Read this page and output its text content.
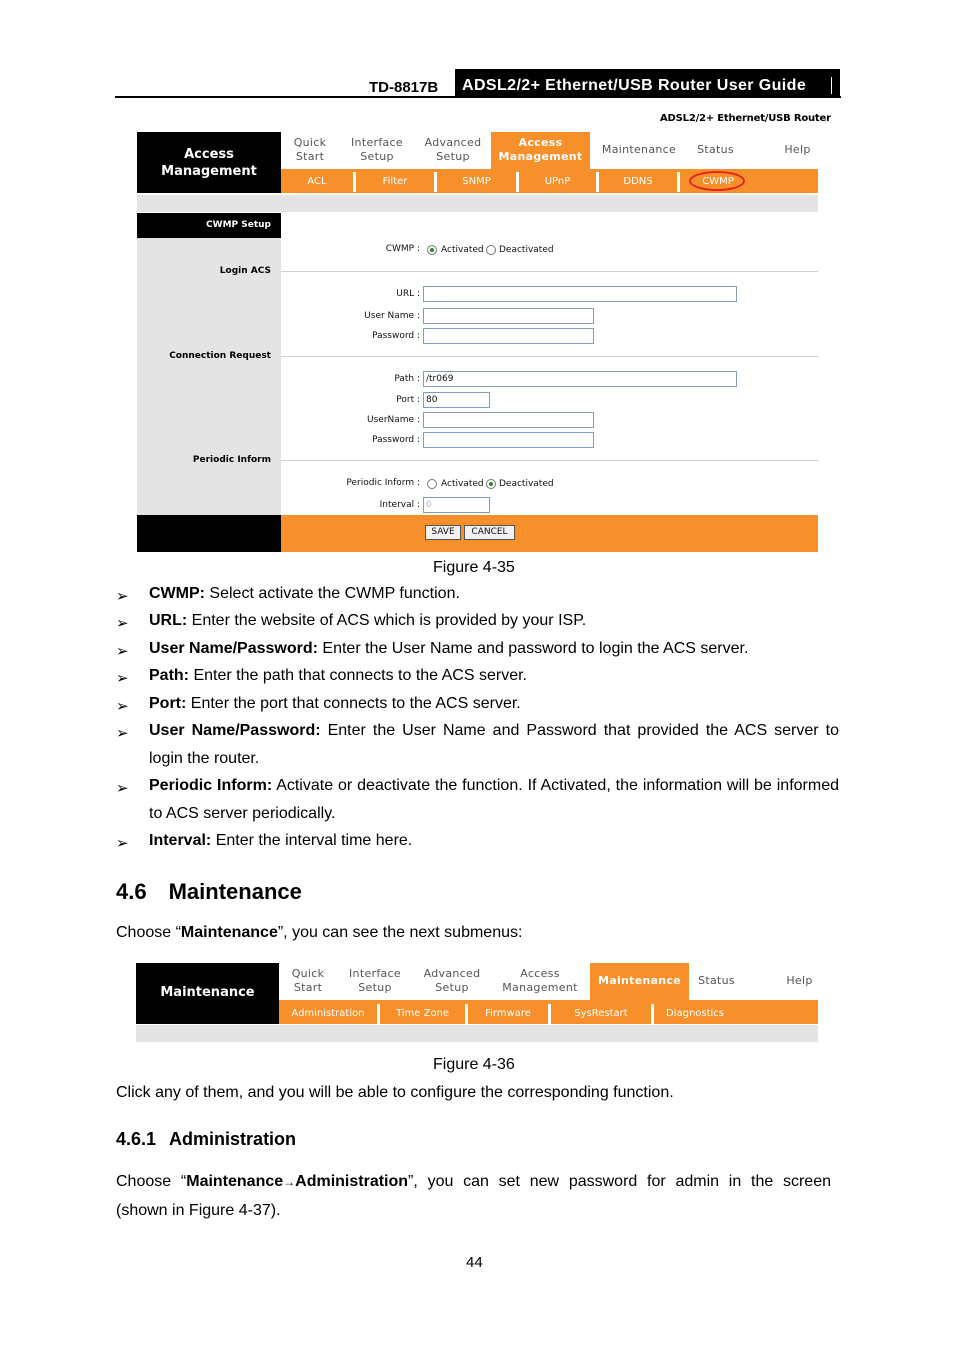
TD-8817B	ADSL2/2+ Ethernet/USB Router User Guide
ADSL2/2+ Ethernet/USB Router
Access
Management
Quick
Start
Interface
Setup
Advanced
Setup
Access
Management
Maintenance	Status	Help
ACL	Filter	SNMP	UPnP	DDNS	CWMP
CWMP Setup
Login ACS
Connection Request
Periodic Inform
CWMP : Activated Deactivated
URL :
User Name :
Password :
Path : /tr069
Port : 80
UserName :
Password :
Periodic Inform : Activated Deactivated
Interval : 0
SAVE	CANCEL
Figure 4-35
➢ CWMP: Select activate the CWMP function.
➢ URL: Enter the website of ACS which is provided by your ISP.
➢ User Name/Password: Enter the User Name and password to login the ACS server.
➢ Path: Enter the path that connects to the ACS server.
➢ Port: Enter the port that connects to the ACS server.
➢ User Name/Password: Enter the User Name and Password that provided the ACS server to login the router.
➢ Periodic Inform: Activate or deactivate the function. If Activated, the information will be informed to ACS server periodically.
➢ Interval: Enter the interval time here.
4.6 Maintenance
Choose “Maintenance”, you can see the next submenus:
Maintenance
Quick
Start
Interface
Setup
Advanced
Setup
Access
Management
Maintenance	Status	Help
Administration	Time Zone	Firmware	SysRestart	Diagnostics
Figure 4-36
Click any of them, and you will be able to configure the corresponding function.
4.6.1 Administration
Choose “Maintenance→Administration”, you can set new password for admin in the screen
(shown in Figure 4-37).
44
